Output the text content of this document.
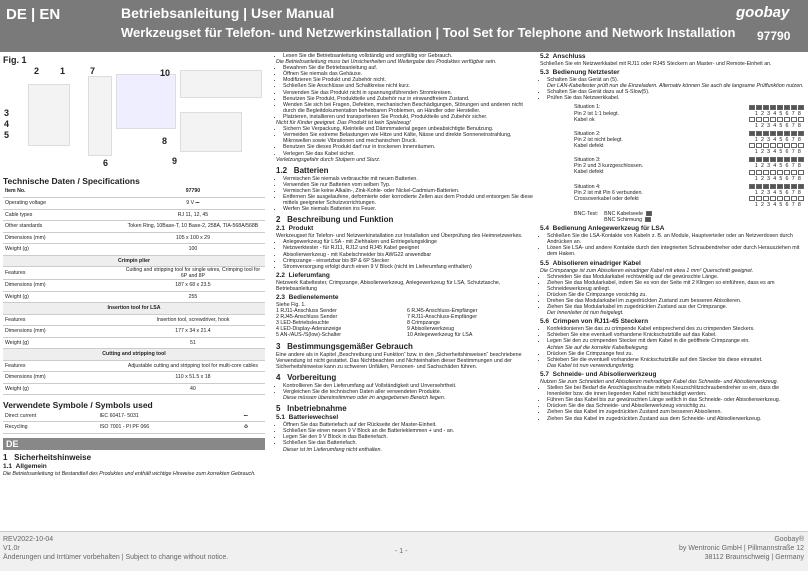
DE | EN	Betriebsanleitung | User Manual
Werkzeugset für Telefon- und Netzwerkinstallation | Tool Set for Telephone and Network Installation
goobay
97790
Fig. 1
2 1	7	10
3
4
5
6
8
9
Technische Daten / Specifications
Item No.	97790
Operating voltage	9 V ⎓
Cable types	RJ 11, 12, 45
Other standards	Token Ring, 10Base-T, 10 Base-2, 258A, TIA-568A/568B
Dimensions (mm)	105 x 100 x 29
Weight (g)	100
Crimpin plier	
Features	Cutting and stripping tool for single wires, Crimping tool for 6P and 8P
Dimensions (mm)	187 x 68 x 23.5
Weight (g)	255
Insertion tool for LSA	
Features	Insertion tool, screwdriver, hook
Dimensions (mm)	177 x 34 x 21.4
Weight (g)	51
Cutting and stripping tool	
Features	Adjustable cutting and stripping tool for multi-core cables
Dimensions (mm)	110 x 51.5 x 18
Weight (g)	40
Verwendete Symbole / Symbols used
Direct current	IEC 60417- 5031	⎓
Recycling	ISO 7001 - PI PF 066	♻
DE
1 Sicherheitshinweise
1.1 Allgemein
Die Betriebsanleitung ist Bestandteil des Produktes und enthält wichtige Hinweise zum korrekten Gebrauch.
• Lesen Sie die Betriebsanleitung vollständig und sorgfältig vor Gebrauch.
Die Betriebsanleitung muss bei Unsicherheiten und Weitergabe des Produktes verfügbar sein.
• Bewahren Sie die Betriebsanleitung auf.
• Öffnen Sie niemals das Gehäuse.
• Modifizieren Sie Produkt und Zubehör nicht.
• Schließen Sie Anschlüsse und Schaltkreise nicht kurz.
• Verwenden Sie das Produkt nicht in spannungsführenden Stromkreisen.
• Benutzen Sie Produkt, Produktteile und Zubehör nur in einwandfreiem Zustand.
• Wenden Sie sich bei Fragen, Defekten, mechanischen Beschädigungen, Störungen und anderen nicht durch die Begleitdokumentation behebbaren Problemen, an Händler oder Hersteller.
• Platzieren, installieren und transportieren Sie Produkt, Produktteile und Zubehör sicher.
Nicht für Kinder geeignet. Das Produkt ist kein Spielzeug!
• Sichern Sie Verpackung, Kleinteile und Dämmmaterial gegen unbeabsichtigte Benutzung.
• Vermeiden Sie extreme Belastungen wie Hitze und Kälte, Nässe und direkte Sonneneinstrahlung, Mikrowellen sowie Vibrationen und mechanischen Druck.
• Benutzen Sie dieses Produkt darf nur in trockenen Innenräumen.
• Verlegen Sie das Kabel sicher.
Verletzungsgefahr durch Stolpern und Sturz.
1.2 Batterien
• Vermischen Sie niemals verbrauchte mit neuen Batterien.
• Verwenden Sie nur Batterien vom selben Typ.
• Vermischen Sie keine Alkalin-, Zink-Kohle- oder Nickel-Cadmium-Batterien.
• Entfernen Sie ausgelaufene, deformierte oder korrodierte Zellen aus dem Produkt und entsorgen Sie diese mittels geeigneter Schutzvorrichtungen.
• Werfen Sie niemals Batterien ins Feuer.
2 Beschreibung und Funktion
2.1 Produkt
Werkzeugset für Telefon- und Netzwerkinstallation zur Installation und Überprüfung des Heimnetzwerkes.
• Anlegewerkzeug für LSA - mit Ziehhaken und Entriegelungsklinge
• Netzwerktester - für RJ11, RJ12 und RJ45 Kabel geeignet
• Abisolierwerkzeug - mit Kabelschneider bis AWG22 anwendbar
• Crimpzange - einsetzbar bis 8P & 6P Stecker
• Stromversorgung erfolgt durch einen 9 V Block (nicht im Lieferumfang enthalten)
2.2 Lieferumfang
Netzwerk Kabeltester, Crimpzange, Abisolierwerkzeug, Anlegewerkzeug für LSA, Schutztasche, Betriebsanleitung
2.3 Bedienelemente
Siehe Fig. 1.
1 RJ11-Anschluss Sender	6 RJ45-Anschluss-Empfänger
2 RJ45-Anschluss Sender	7 RJ11-Anschluss-Empfänger
3 LED-Betriebsleuchte	8 Crimpzange
4 LED-Display-Aderanzeige	9 Abisolierwerkzeug
5 AN-/AUS-/S(low)-Schalter	10 Anlegewerkzeug für LSA
3 Bestimmungsgemäßer Gebrauch
Eine andere als in Kapitel „Beschreibung und Funktion“ bzw. in den „Sicherheitshinweisen“ beschriebene Verwendung ist nicht gestattet. Das Nichtbeachten und Nichteinhalten dieser Bestimmungen und der Sicherheitshinweise kann zu schweren Unfällen, Personen- und Sachschäden führen.
4 Vorbereitung
• Kontrollieren Sie den Lieferumfang auf Vollständigkeit und Unversehrtheit.
• Vergleichen Sie die technischen Daten aller verwendeten Produkte.
Diese müssen übereinstimmen oder im angegebenen Bereich liegen.
5 Inbetriebnahme
5.1 Batteriewechsel
• Öffnen Sie das Batteriefach auf der Rückseite der Master-Einheit.
• Schließen Sie einen neuen 9 V Block an die Batterieklemmen + und - an.
• Legen Sie den 9 V Block in das Batteriefach.
• Schließen Sie das Batteriefach.
Dieser ist im Lieferumfang nicht enthalten.
5.2 Anschluss
Schließen Sie ein Netzwerkkabel mit RJ11 oder RJ45 Steckern an Master- und Remote-Einheit an.
5.3 Bedienung Netztester
• Schalten Sie das Gerät an (5).
Der LAN-Kabeltester prüft nun die Einzeladern. Alternativ können Sie auch die langsame Prüffunktion nutzen.
• Schalten Sie das Gerät dazu auf S-Slow(5).
• Prüfen Sie das Netzwerkkabel.
Situation 1:
Pin 2 ist 1:1 belegt.
Kabel ok
12345678
12345678
Situation 2:
Pin 2 ist nicht belegt.
Kabel defekt
12345678
12345678
Situation 3:
Pin 2 und 3 kurzgeschlossen.
Kabel defekt
12345678
12345678
Situation 4:
Pin 2 ist mit Pin 6 verbunden.
Crossoverkabel oder defekt
12345678
12345678
BNC-Test: BNC Kabelseele
BNC Schirmung
5.4 Bedienung Anlegewerkzeug für LSA
• Schließen Sie die LSA-Kontakte von Kabeln z. B. an Module, Hauptverteiler oder an Netzverdosen durch Andrücken an.
• Lösen Sie LSA- und andere Kontakte durch den integrierten Schraubendreher oder durch Herausziehen mit dem Haken.
5.5 Abisolieren einadriger Kabel
Die Crimpzange ist zum Abisolieren einadriger Kabel mit etwa 1 mm² Querschnitt geeignet.
• Schneiden Sie das Modularkabel rechtwinklig auf die gewünschte Länge.
• Ziehen Sie das Modularkabel, indem Sie es von der Seite mit 2 Klingen so einführen, dass es am Schneidewerkzeug anliegt.
• Drücken Sie die Crimpzange vorsichtig zu.
• Drehen Sie das Modularkabel im zugedrückten Zustand zum besseren Abisolieren.
• Ziehen Sie das Modularkabel im zugedrückten Zustand aus der Crimpzange.
Der Innenleiter ist nun freigelegt.
5.6 Crimpen von RJ11-45 Steckern
• Konfektionieren Sie das zu crimpende Kabel entsprechend des zu crimpenden Steckers.
• Schieben Sie eine eventuell vorhandene Knickschutztülle auf das Kabel.
• Legen Sie den zu crimpenden Stecker mit dem Kabel in die geöffnete Crimpzange ein.
Achten Sie auf die korrekte Kabelbelegung.
• Drücken Sie die Crimpzange fest zu.
• Schieben Sie die eventuell vorhandene Knickschutztülle auf den Stecker bis diese einrastet.
Das Kabel ist nun verwendungsfertig.
5.7 Schneide- und Abisolierwerkzeug
Nutzen Sie zum Schneiden und Abisolieren mehradriger Kabel das Schneide- und Abisolierwerkzeug.
• Stellen Sie bei Bedarf die Anschlagsschraube mittels Kreuzschlitzschraubendreher so ein, dass die Innenleiter bzw. die innen liegenden Kabel nicht beschädigt werden.
• Führen Sie das Kabel bis zur gewünschten Länge seitlich in das Schneide- oder Abisolierwerkzeug.
• Drücken Sie die das Schneide- und Abisolierwerkzeug vorsichtig zu.
• Ziehen Sie das Kabel im zugedrückten Zustand zum besseren Abisolieren.
• Ziehen Sie das Kabel im zugedrückten Zustand aus dem Schneide- und Abisolierwerkzeug.
REV2022-10-04
V1.0r
Änderungen und Irrtümer vorbehalten | Subject to change without notice.
- 1 -
Goobay®
by Wentronic GmbH | Pillmannstraße 12
38112 Braunschweig | Germany
